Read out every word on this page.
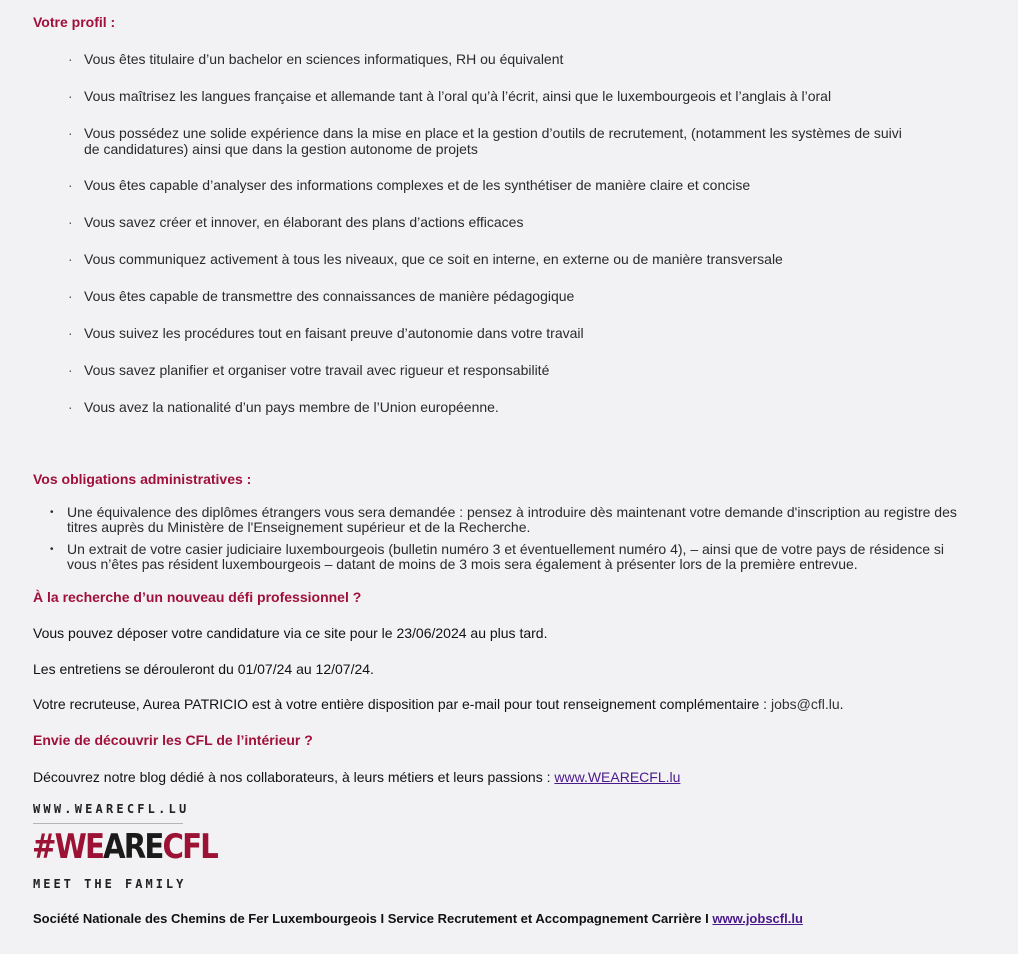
Votre profil :
· Vous êtes titulaire d’un bachelor en sciences informatiques, RH ou équivalent
· Vous maîtrisez les langues française et allemande tant à l’oral qu’à l’écrit, ainsi que le luxembourgeois et l’anglais à l’oral
· Vous possédez une solide expérience dans la mise en place et la gestion d’outils de recrutement, (notamment les systèmes de suivi de candidatures) ainsi que dans la gestion autonome de projets
· Vous êtes capable d’analyser des informations complexes et de les synthétiser de manière claire et concise
· Vous savez créer et innover, en élaborant des plans d’actions efficaces
· Vous communiquez activement à tous les niveaux, que ce soit en interne, en externe ou de manière transversale
· Vous êtes capable de transmettre des connaissances de manière pédagogique
· Vous suivez les procédures tout en faisant preuve d’autonomie dans votre travail
· Vous savez planifier et organiser votre travail avec rigueur et responsabilité
· Vous avez la nationalité d’un pays membre de l’Union européenne.
Vos obligations administratives :
• Une équivalence des diplômes étrangers vous sera demandée : pensez à introduire dès maintenant votre demande d'inscription au registre des titres auprès du Ministère de l'Enseignement supérieur et de la Recherche.
• Un extrait de votre casier judiciaire luxembourgeois (bulletin numéro 3 et éventuellement numéro 4), – ainsi que de votre pays de résidence si vous n’êtes pas résident luxembourgeois – datant de moins de 3 mois sera également à présenter lors de la première entrevue.
À la recherche d’un nouveau défi professionnel ?

Vous pouvez déposer votre candidature via ce site pour le 23/06/2024 au plus tard.

Les entretiens se dérouleront du 01/07/24 au 12/07/24.

Votre recruteuse, Aurea PATRICIO est à votre entière disposition par e-mail pour tout renseignement complémentaire : jobs@cfl.lu.

Envie de découvrir les CFL de l’intérieur ?

Découvrez notre blog dédié à nos collaborateurs, à leurs métiers et leurs passions : www.WEARECFL.lu

WWW.WEARECFL.LU
#WEARECFL
MEET THE FAMILY
Société Nationale des Chemins de Fer Luxembourgeois I Service Recrutement et Accompagnement Carrière I www.jobscfl.lu
